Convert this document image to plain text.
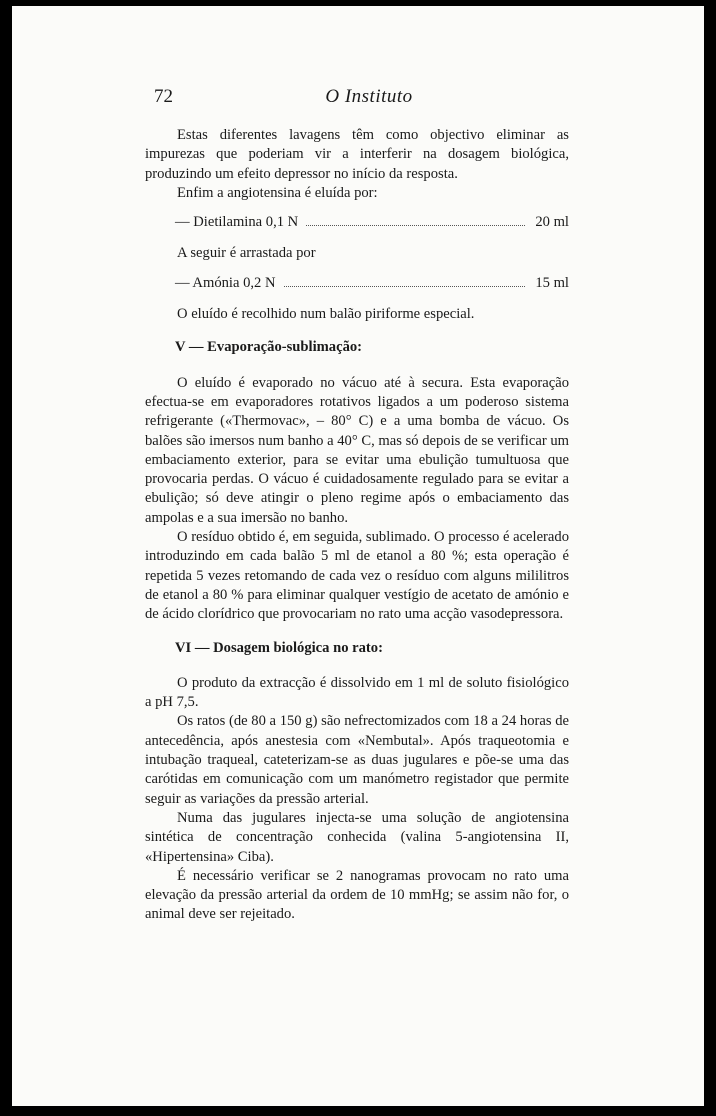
72	O Instituto

Estas diferentes lavagens têm como objectivo eliminar as impurezas que poderiam vir a interferir na dosagem biológica, produzindo um efeito depressor no início da resposta.

Enfim a angiotensina é eluída por:

— Dietilamina 0,1 N	20 ml

A seguir é arrastada por

— Amónia 0,2 N	15 ml

O eluído é recolhido num balão piriforme especial.

V — Evaporação-sublimação:

O eluído é evaporado no vácuo até à secura. Esta evaporação efectua-se em evaporadores rotativos ligados a um poderoso sistema refrigerante («Thermovac», – 80° C) e a uma bomba de vácuo. Os balões são imersos num banho a 40° C, mas só depois de se verificar um embaciamento exterior, para se evitar uma ebulição tumultuosa que provocaria perdas. O vácuo é cuidadosamente regulado para se evitar a ebulição; só deve atingir o pleno regime após o embaciamento das ampolas e a sua imersão no banho.

O resíduo obtido é, em seguida, sublimado. O processo é acelerado introduzindo em cada balão 5 ml de etanol a 80 %; esta operação é repetida 5 vezes retomando de cada vez o resíduo com alguns mililitros de etanol a 80 % para eliminar qualquer vestígio de acetato de amónio e de ácido clorídrico que provocariam no rato uma acção vasodepressora.

VI — Dosagem biológica no rato:

O produto da extracção é dissolvido em 1 ml de soluto fisiológico a pH 7,5.

Os ratos (de 80 a 150 g) são nefrectomizados com 18 a 24 horas de antecedência, após anestesia com «Nembutal». Após traqueotomia e intubação traqueal, cateterizam-se as duas jugulares e põe-se uma das carótidas em comunicação com um manómetro registador que permite seguir as variações da pressão arterial.

Numa das jugulares injecta-se uma solução de angiotensina sintética de concentração conhecida (valina 5-angiotensina II, «Hipertensina» Ciba).

É necessário verificar se 2 nanogramas provocam no rato uma elevação da pressão arterial da ordem de 10 mmHg; se assim não for, o animal deve ser rejeitado.
